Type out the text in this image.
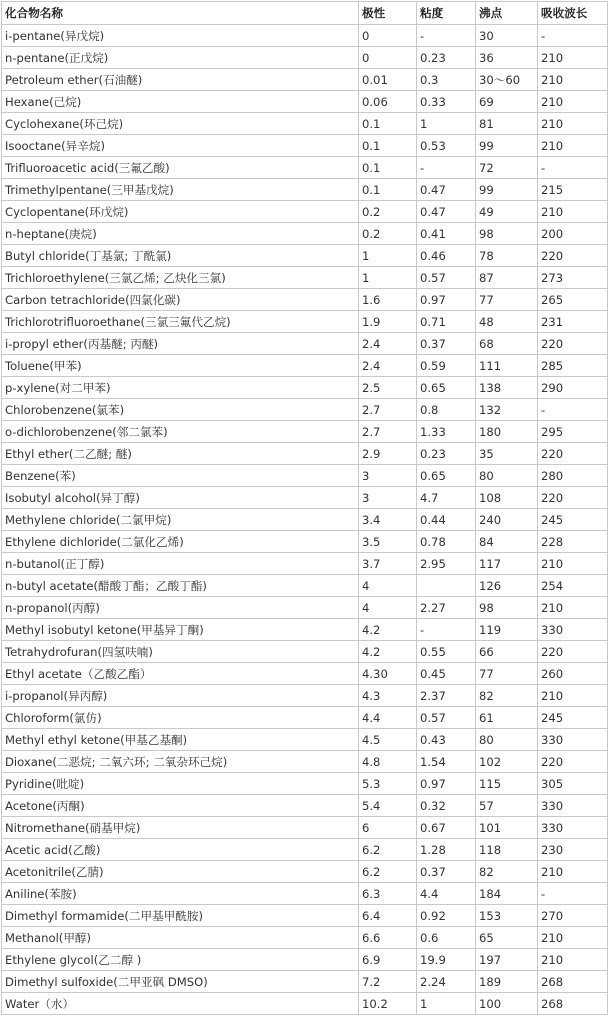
化合物名称	极性	粘度	沸点	吸收波长
i-pentane(异戊烷)	0	-	30	-
n-pentane(正戊烷)	0	0.23	36	210
Petroleum ether(石油醚)	0.01	0.3	30～60	210
Hexane(己烷)	0.06	0.33	69	210
Cyclohexane(环己烷)	0.1	1	81	210
Isooctane(异辛烷)	0.1	0.53	99	210
Trifluoroacetic acid(三氟乙酸)	0.1	-	72	-
Trimethylpentane(三甲基戊烷)	0.1	0.47	99	215
Cyclopentane(环戊烷)	0.2	0.47	49	210
n-heptane(庚烷)	0.2	0.41	98	200
Butyl chloride(丁基氯; 丁酰氯)	1	0.46	78	220
Trichloroethylene(三氯乙烯; 乙炔化三氯)	1	0.57	87	273
Carbon tetrachloride(四氯化碳)	1.6	0.97	77	265
Trichlorotrifluoroethane(三氯三氟代乙烷)	1.9	0.71	48	231
i-propyl ether(丙基醚; 丙醚)	2.4	0.37	68	220
Toluene(甲苯)	2.4	0.59	111	285
p-xylene(对二甲苯)	2.5	0.65	138	290
Chlorobenzene(氯苯)	2.7	0.8	132	-
o-dichlorobenzene(邻二氯苯)	2.7	1.33	180	295
Ethyl ether(二乙醚; 醚)	2.9	0.23	35	220
Benzene(苯)	3	0.65	80	280
Isobutyl alcohol(异丁醇)	3	4.7	108	220
Methylene chloride(二氯甲烷)	3.4	0.44	240	245
Ethylene dichloride(二氯化乙烯)	3.5	0.78	84	228
n-butanol(正丁醇)	3.7	2.95	117	210
n-butyl acetate(醋酸丁酯；乙酸丁酯)	4		126	254
n-propanol(丙醇)	4	2.27	98	210
Methyl isobutyl ketone(甲基异丁酮)	4.2	-	119	330
Tetrahydrofuran(四氢呋喃)	4.2	0.55	66	220
Ethyl acetate（乙酸乙酯）	4.30	0.45	77	260
i-propanol(异丙醇)	4.3	2.37	82	210
Chloroform(氯仿)	4.4	0.57	61	245
Methyl ethyl ketone(甲基乙基酮)	4.5	0.43	80	330
Dioxane(二恶烷; 二氧六环; 二氧杂环己烷)	4.8	1.54	102	220
Pyridine(吡啶)	5.3	0.97	115	305
Acetone(丙酮)	5.4	0.32	57	330
Nitromethane(硝基甲烷)	6	0.67	101	330
Acetic acid(乙酸)	6.2	1.28	118	230
Acetonitrile(乙腈)	6.2	0.37	82	210
Aniline(苯胺)	6.3	4.4	184	-
Dimethyl formamide(二甲基甲酰胺)	6.4	0.92	153	270
Methanol(甲醇)	6.6	0.6	65	210
Ethylene glycol(乙二醇 )	6.9	19.9	197	210
Dimethyl sulfoxide(二甲亚砜 DMSO)	7.2	2.24	189	268
Water（水）	10.2	1	100	268
